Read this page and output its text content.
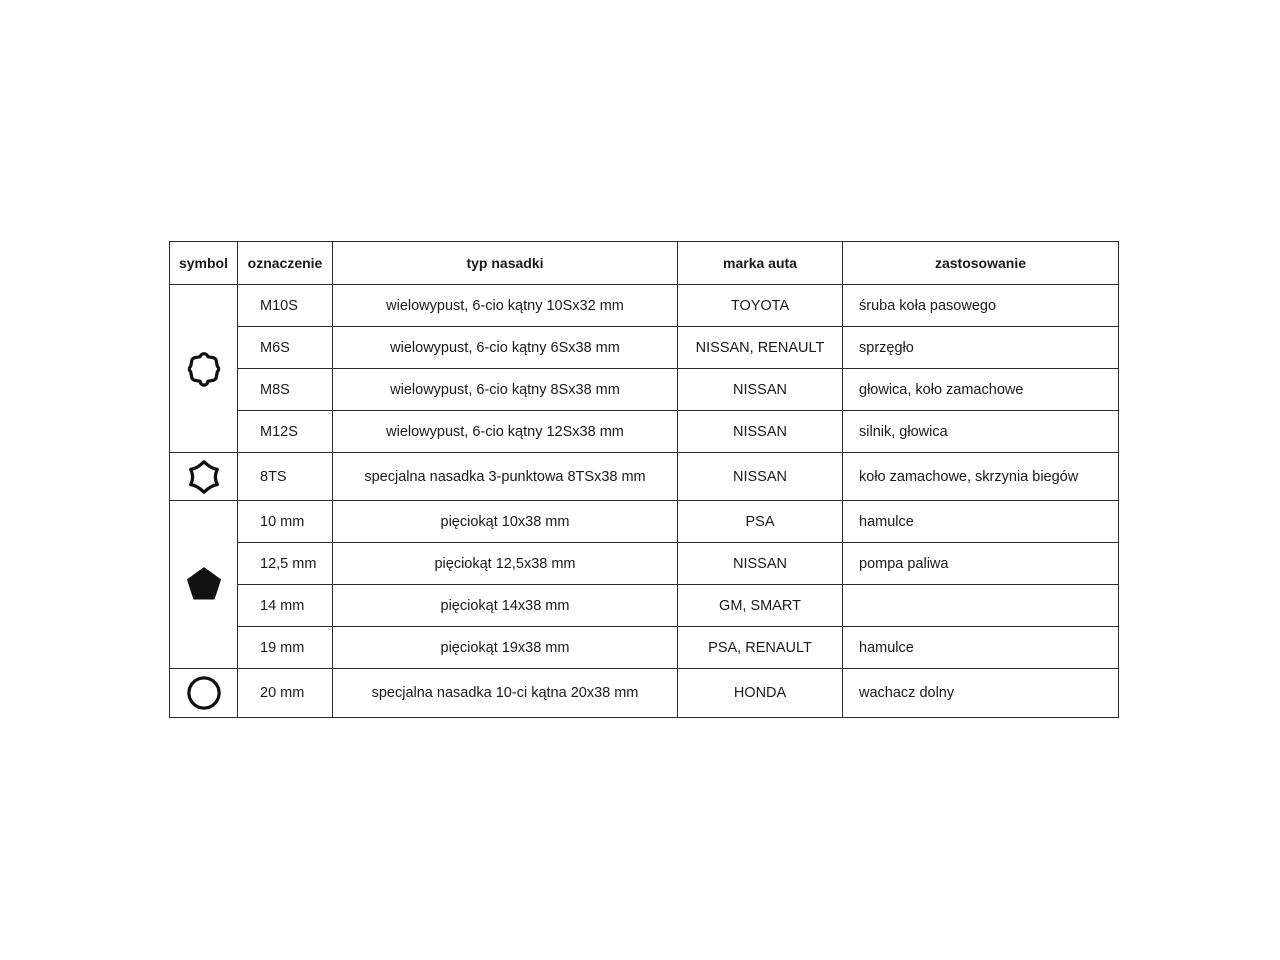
symbol	oznaczenie	typ nasadki	marka auta	zastosowanie

	M10S	wielowypust, 6-cio kątny 10Sx32 mm	TOYOTA	śruba koła pasowego
	M6S	wielowypust, 6-cio kątny 6Sx38 mm	NISSAN, RENAULT	sprzęgło
	M8S	wielowypust, 6-cio kątny 8Sx38 mm	NISSAN	głowica, koło zamachowe
	M12S	wielowypust, 6-cio kątny 12Sx38 mm	NISSAN	silnik, głowica

	8TS	specjalna nasadka 3-punktowa 8TSx38 mm	NISSAN	koło zamachowe, skrzynia biegów

	10 mm	pięciokąt 10x38 mm	PSA	hamulce
	12,5 mm	pięciokąt 12,5x38 mm	NISSAN	pompa paliwa
	14 mm	pięciokąt 14x38 mm	GM, SMART	
	19 mm	pięciokąt 19x38 mm	PSA, RENAULT	hamulce

	20 mm	specjalna nasadka 10-ci kątna 20x38 mm	HONDA	wachacz dolny
